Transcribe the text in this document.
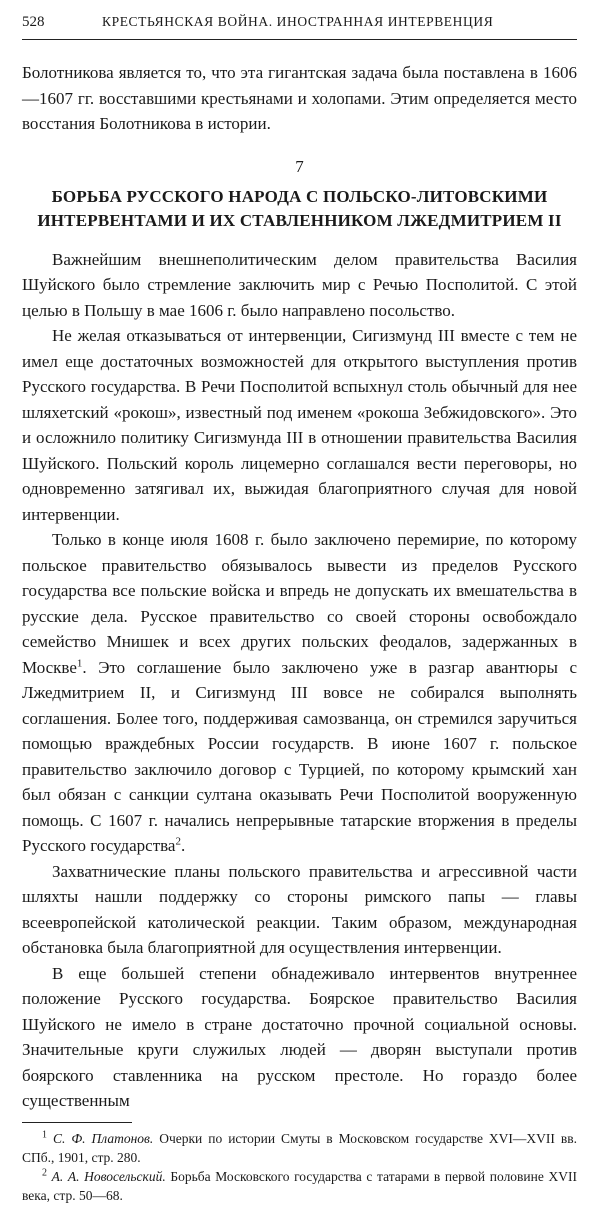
528	КРЕСТЬЯНСКАЯ ВОЙНА. ИНОСТРАННАЯ ИНТЕРВЕНЦИЯ

Болотникова является то, что эта гигантская задача была поставлена в 1606—1607 гг. восставшими крестьянами и холопами. Этим определяется место восстания Болотникова в истории.

7
БОРЬБА РУССКОГО НАРОДА С ПОЛЬСКО-ЛИТОВСКИМИ
ИНТЕРВЕНТАМИ И ИХ СТАВЛЕННИКОМ ЛЖЕДМИТРИЕМ II

Важнейшим внешнеполитическим делом правительства Василия Шуйского было стремление заключить мир с Речью Посполитой. С этой целью в Польшу в мае 1606 г. было направлено посольство.

Не желая отказываться от интервенции, Сигизмунд III вместе с тем не имел еще достаточных возможностей для открытого выступления против Русского государства. В Речи Посполитой вспыхнул столь обычный для нее шляхетский «рокош», известный под именем «рокоша Зебжидовского». Это и осложнило политику Сигизмунда III в отношении правительства Василия Шуйского. Польский король лицемерно соглашался вести переговоры, но одновременно затягивал их, выжидая благоприятного случая для новой интервенции.

Только в конце июля 1608 г. было заключено перемирие, по которому польское правительство обязывалось вывести из пределов Русского государства все польские войска и впредь не допускать их вмешательства в русские дела. Русское правительство со своей стороны освобождало семейство Мнишек и всех других польских феодалов, задержанных в Москве$^1$. Это соглашение было заключено уже в разгар авантюры с Лжедмитрием II, и Сигизмунд III вовсе не собирался выполнять соглашения. Более того, поддерживая самозванца, он стремился заручиться помощью враждебных России государств. В июне 1607 г. польское правительство заключило договор с Турцией, по которому крымский хан был обязан с санкции султана оказывать Речи Посполитой вооруженную помощь. С 1607 г. начались непрерывные татарские вторжения в пределы Русского государства$^2$.

Захватнические планы польского правительства и агрессивной части шляхты нашли поддержку со стороны римского папы — главы всеевропейской католической реакции. Таким образом, международная обстановка была благоприятной для осуществления интервенции.

В еще большей степени обнадеживало интервентов внутреннее положение Русского государства. Боярское правительство Василия Шуйского не имело в стране достаточно прочной социальной основы. Значительные круги служилых людей — дворян выступали против боярского ставленника на русском престоле. Но гораздо более существенным

$^1$ С. Ф. Платонов. Очерки по истории Смуты в Московском государстве XVI—XVII вв. СПб., 1901, стр. 280.

$^2$ А. А. Новосельский. Борьба Московского государства с татарами в первой половине XVII века, стр. 50—68.
